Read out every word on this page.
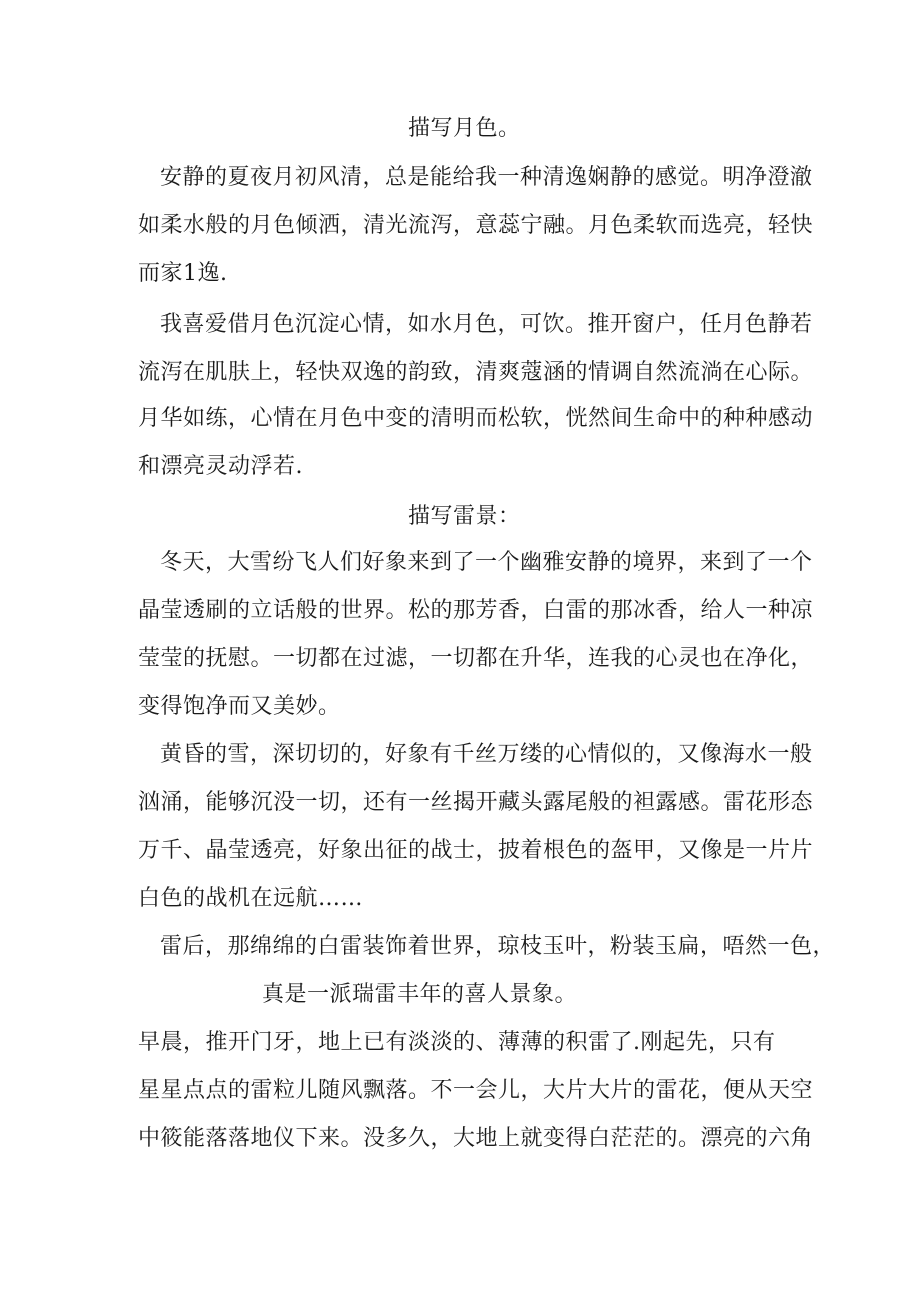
描写月色。
安静的夏夜月初风清，总是能给我一种清逸娴静的感觉。明净澄澈
如柔水般的月色倾洒，清光流泻，意蕊宁融。月色柔软而选亮，轻快
而家1逸.
我喜爱借月色沉淀心情，如水月色，可饮。推开窗户，任月色静若
流泻在肌肤上，轻快双逸的韵致，清爽蔻涵的情调自然流淌在心际。
月华如练，心情在月色中变的清明而松软，恍然间生命中的种种感动
和漂亮灵动浮若.
描写雷景：
冬天，大雪纷飞人们好象来到了一个幽雅安静的境界，来到了一个
晶莹透刷的立话般的世界。松的那芳香，白雷的那冰香，给人一种凉
莹莹的抚慰。一切都在过滤，一切都在升华，连我的心灵也在净化，
变得饱净而又美妙。
黄昏的雪，深切切的，好象有千丝万缕的心情似的，又像海水一般
汹涌，能够沉没一切，还有一丝揭开藏头露尾般的袒露感。雷花形态
万千、晶莹透亮，好象出征的战士，披着根色的盔甲，又像是一片片
白色的战机在远航……
雷后，那绵绵的白雷装饰着世界，琼枝玉叶，粉装玉扁，唔然一色，
真是一派瑞雷丰年的喜人景象。
早晨，推开门牙，地上已有淡淡的、薄薄的积雷了.刚起先，只有
星星点点的雷粒儿随风飘落。不一会儿，大片大片的雷花，便从天空
中筱能落落地仪下来。没多久，大地上就变得白茫茫的。漂亮的六角
